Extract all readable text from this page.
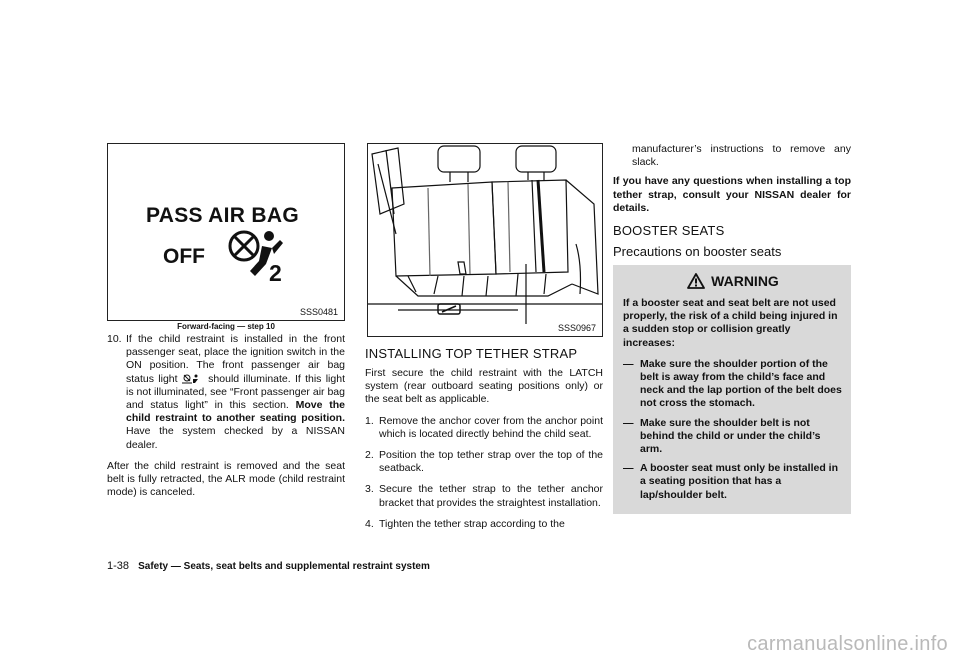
PASS AIR BAG
OFF
2
SSS0481
Forward-facing — step 10
10. If the child restraint is installed in the front passenger seat, place the ignition switch in the ON position. The front passenger air bag status light	should illuminate. If this light is not illuminated, see “Front passenger air bag and status light” in this section. Move the child restraint to another seating position. Have the system checked by a NISSAN dealer.

After the child restraint is removed and the seat belt is fully retracted, the ALR mode (child restraint mode) is canceled.

SSS0967
INSTALLING TOP TETHER STRAP

First secure the child restraint with the LATCH system (rear outboard seating positions only) or the seat belt as applicable.

1. Remove the anchor cover from the anchor point which is located directly behind the child seat.
2. Position the top tether strap over the top of the seatback.
3. Secure the tether strap to the tether anchor bracket that provides the straightest installation.
4. Tighten the tether strap according to the

manufacturer’s instructions to remove any slack.

If you have any questions when installing a top tether strap, consult your NISSAN dealer for details.

BOOSTER SEATS
Precautions on booster seats
WARNING

If a booster seat and seat belt are not used properly, the risk of a child being injured in a sudden stop or collision greatly increases:

— Make sure the shoulder portion of the belt is away from the child’s face and neck and the lap portion of the belt does not cross the stomach.
— Make sure the shoulder belt is not behind the child or under the child’s arm.
— A booster seat must only be installed in a seating position that has a lap/shoulder belt.
1-38 Safety — Seats, seat belts and supplemental restraint system
carmanualsonline.info
